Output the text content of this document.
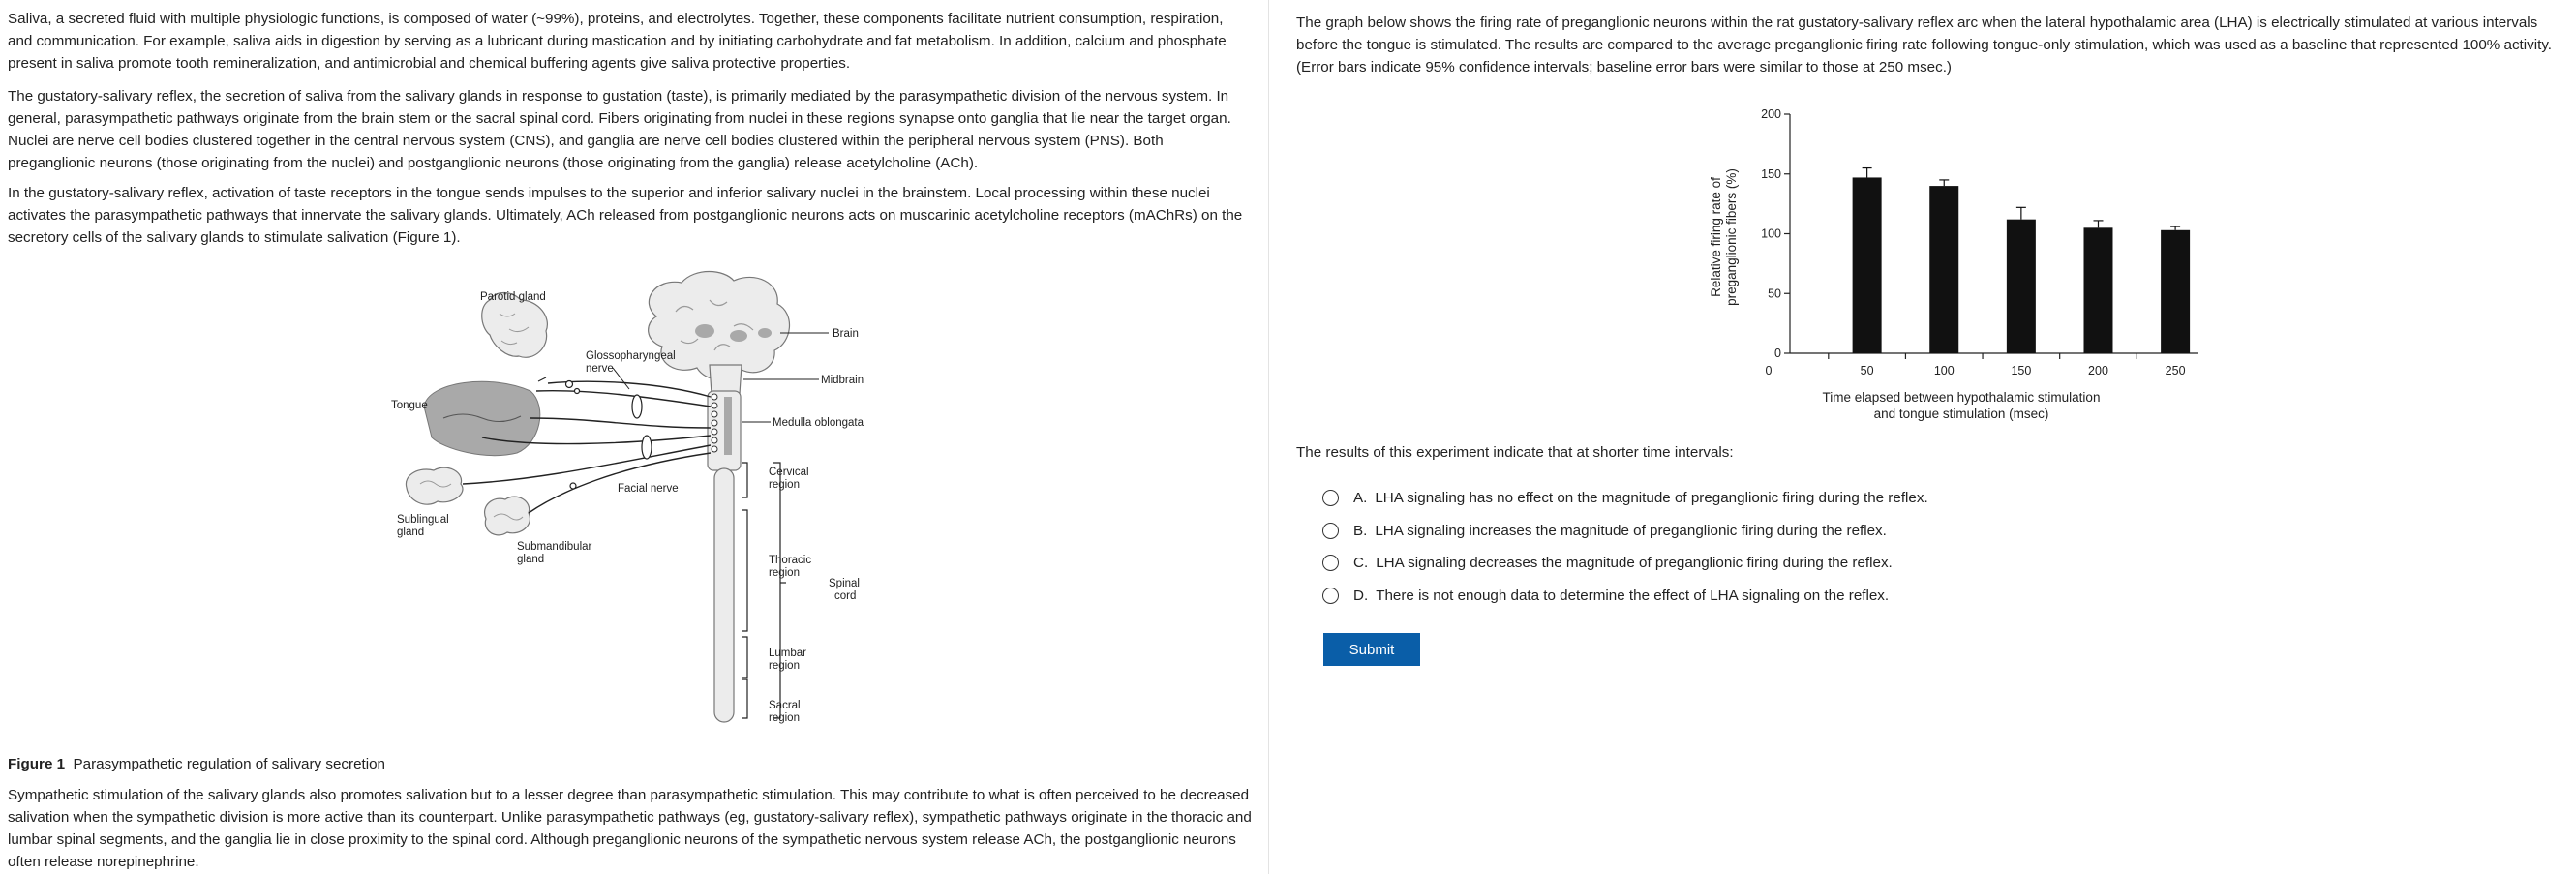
Saliva, a secreted fluid with multiple physiologic functions, is composed of water (~99%), proteins, and electrolytes. Together, these components facilitate nutrient consumption, respiration, and communication. For example, saliva aids in digestion by serving as a lubricant during mastication and by initiating carbohydrate and fat metabolism. In addition, calcium and phosphate present in saliva promote tooth remineralization, and antimicrobial and chemical buffering agents give saliva protective properties.

The gustatory-salivary reflex, the secretion of saliva from the salivary glands in response to gustation (taste), is primarily mediated by the parasympathetic division of the nervous system. In general, parasympathetic pathways originate from the brain stem or the sacral spinal cord. Fibers originating from nuclei in these regions synapse onto ganglia that lie near the target organ. Nuclei are nerve cell bodies clustered together in the central nervous system (CNS), and ganglia are nerve cell bodies clustered within the peripheral nervous system (PNS). Both preganglionic neurons (those originating from the nuclei) and postganglionic neurons (those originating from the ganglia) release acetylcholine (ACh).

In the gustatory-salivary reflex, activation of taste receptors in the tongue sends impulses to the superior and inferior salivary nuclei in the brainstem. Local processing within these nuclei activates the parasympathetic pathways that innervate the salivary glands. Ultimately, ACh released from postganglionic neurons acts on muscarinic acetylcholine receptors (mAChRs) on the secretory cells of the salivary glands to stimulate salivation (Figure 1).

Parotid gland
Glossopharyngeal
nerve
Tongue
Brain
Midbrain
Medulla oblongata
Facial nerve
Sublingual
gland
Submandibular
gland
Cervical
region
Thoracic
region
Lumbar
region
Sacral
region
Spinal
cord
Figure 1 Parasympathetic regulation of salivary secretion

Sympathetic stimulation of the salivary glands also promotes salivation but to a lesser degree than parasympathetic stimulation. This may contribute to what is often perceived to be decreased salivation when the sympathetic division is more active than its counterpart. Unlike parasympathetic pathways (eg, gustatory-salivary reflex), sympathetic pathways originate in the thoracic and lumbar spinal segments, and the ganglia lie in close proximity to the spinal cord. Although preganglionic neurons of the sympathetic nervous system release ACh, the postganglionic neurons often release norepinephrine.

The graph below shows the firing rate of preganglionic neurons within the rat gustatory-salivary reflex arc when the lateral hypothalamic area (LHA) is electrically stimulated at various intervals before the tongue is stimulated. The results are compared to the average preganglionic firing rate following tongue-only stimulation, which was used as a baseline that represented 100% activity. (Error bars indicate 95% confidence intervals; baseline error bars were similar to those at 250 msec.)

0
50
100
150
200
0	50	100	150	200	250
Time elapsed between hypothalamic stimulation
and tongue stimulation (msec)
Relative firing rate of preganglionic fibers (%)

The results of this experiment indicate that at shorter time intervals:

A. LHA signaling has no effect on the magnitude of preganglionic firing during the reflex.
B. LHA signaling increases the magnitude of preganglionic firing during the reflex.
C. LHA signaling decreases the magnitude of preganglionic firing during the reflex.
D. There is not enough data to determine the effect of LHA signaling on the reflex.
Submit
